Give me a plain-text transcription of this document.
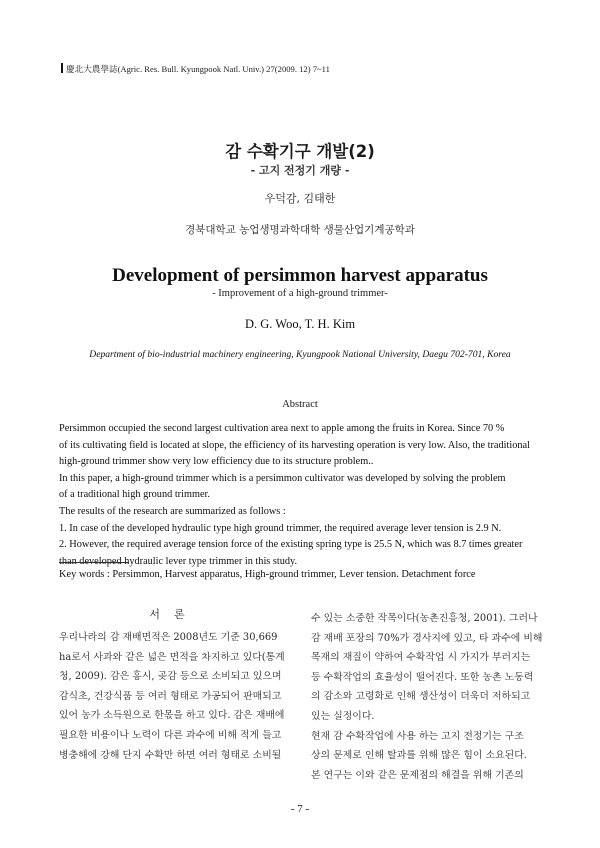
慶北大農學誌(Agric. Res. Bull. Kyungpook Natl. Univ.) 27(2009. 12) 7~11
감 수확기구 개발(2)
- 고지 전정기 개량 -
우덕감, 김태한
경북대학교 농업생명과학대학 생물산업기계공학과
Development of persimmon harvest apparatus
- Improvement of a high-ground trimmer-
D. G. Woo, T. H. Kim
Department of bio-industrial machinery engineering, Kyungpook National University, Daegu 702-701, Korea
Abstract

Persimmon occupied the second largest cultivation area next to apple among the fruits in Korea. Since 70 %

of its cultivating field is located at slope, the efficiency of its harvesting operation is very low. Also, the traditional

high-ground trimmer show very low efficiency due to its structure problem..

In this paper, a high-ground trimmer which is a persimmon cultivator was developed by solving the problem

of a traditional high ground trimmer.

The results of the research are summarized as follows :

1. In case of the developed hydraulic type high ground trimmer, the required average lever tension is 2.9 N.

2. However, the required average tension force of the existing spring type is 25.5 N, which was 8.7 times greater

than developed hydraulic lever type trimmer in this study.

Key words : Persimmon, Harvest apparatus, High-ground trimmer, Lever tension. Detachment force
서론

우리나라의 감 재배면적은 2008년도 기준 30,669

ha로서 사과와 같은 넓은 면적을 차지하고 있다(통계

청, 2009). 감은 홍시, 곶감 등으로 소비되고 있으며

감식초, 건강식품 등 여러 형태로 가공되어 판매되고

있어 농가 소득원으로 한몫을 하고 있다. 감은 재배에

필요한 비용이나 노력이 다른 과수에 비해 적게 들고

병충해에 강해 단지 수확만 하면 여러 형태로 소비될

수 있는 소중한 작목이다(농촌진흥청, 2001). 그러나

감 재배 포장의 70%가 경사지에 있고, 타 과수에 비해

목재의 재질이 약하여 수확작업 시 가지가 부러지는

등 수확작업의 효율성이 떨어진다. 또한 농촌 노동력

의 감소와 고령화로 인해 생산성이 더욱더 저하되고

있는 실정이다.

현재 감 수확작업에 사용 하는 고지 전정기는 구조

상의 문제로 인해 탈과를 위해 많은 힘이 소요된다.

본 연구는 이와 같은 문제점의 해결을 위해 기존의

- 7 -
